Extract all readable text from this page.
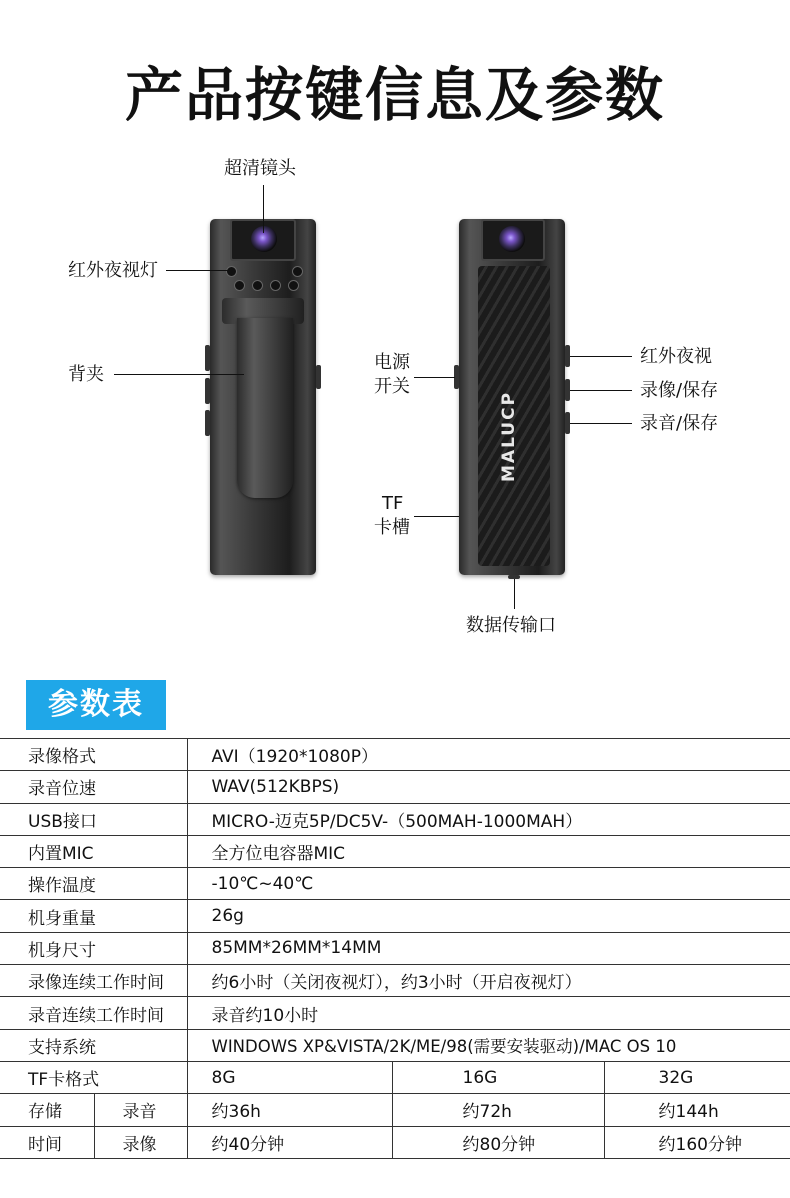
产品按键信息及参数
MALUCP
超清镜头
红外夜视灯
背夹
电源
开关
TF
卡槽
红外夜视
录像/保存
录音/保存
数据传输口
参数表
录像格式		AVI（1920*1080P）		
录音位速		WAV(512KBPS)		
USB接口		MICRO-迈克5P/DC5V-（500MAH-1000MAH）		
内置MIC		全方位电容器MIC		
操作温度		-10℃~40℃		
机身重量		26g		
机身尺寸		85MM*26MM*14MM		
录像连续工作时间		约6小时（关闭夜视灯），约3小时（开启夜视灯）		
录音连续工作时间		录音约10小时		
支持系统		WINDOWS XP&VISTA/2K/ME/98(需要安装驱动)/MAC OS 10		
TF卡格式		8G	16G	32G
存储	录音	约36h	约72h	约144h
时间	录像	约40分钟	约80分钟	约160分钟
